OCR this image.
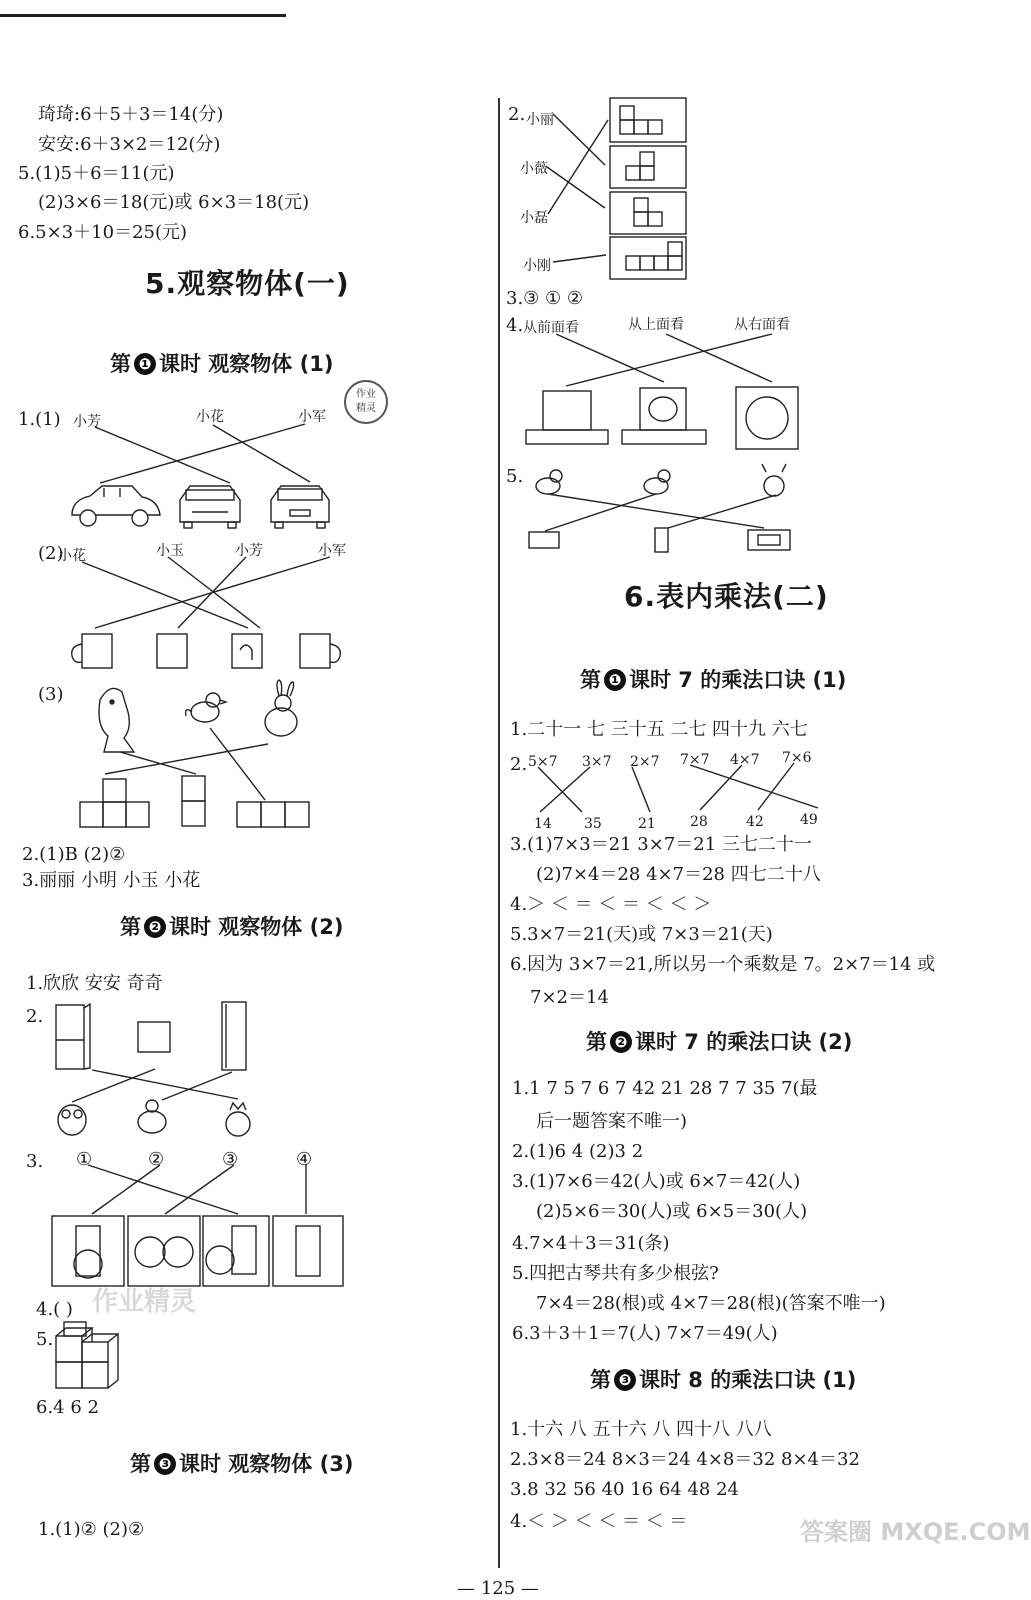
琦琦:6＋5＋3＝14(分)
安安:6＋3×2＝12(分)
5.(1)5＋6＝11(元)
(2)3×6＝18(元)或 6×3＝18(元)
6.5×3＋10＝25(元)
5.观察物体(一)
第 ❶ 课时 观察物体 (1)
作业
精灵
1.(1) 小芳	小花	小军
(2)
小花	小玉	小芳	小军
(3)
2.(1)B (2)②
3.丽丽 小明 小玉 小花
第 ❷ 课时 观察物体 (2)
1.欣欣 安安 奇奇
2.
3. ①	②	③	④
4.( ) 作业精灵
5.
6.4 6 2
第 ❸ 课时 观察物体 (3)
1.(1)② (2)②
2. 小丽
小薇
小磊
小刚
3.③ ① ②
4. 从前面看	从上面看	从右面看
5.
6.表内乘法(二)
第 ❶ 课时 7 的乘法口诀 (1)
1.二十一 七 三十五 二七 四十九 六七
2. 5×7 3×7 2×7 7×7 4×7 7×6
14 35	21 28	42	49
3.(1)7×3＝21 3×7＝21 三七二十一
(2)7×4＝28 4×7＝28 四七二十八
4.＞ ＜ ＝ ＜ ＝ ＜ ＜ ＞
5.3×7＝21(天)或 7×3＝21(天)
6.因为 3×7＝21,所以另一个乘数是 7。2×7＝14 或
7×2＝14
第 ❷ 课时 7 的乘法口诀 (2)
1.1 7 5 7 6 7 42 21 28 7 7 35 7(最
后一题答案不唯一)
2.(1)6 4 (2)3 2
3.(1)7×6＝42(人)或 6×7＝42(人)
(2)5×6＝30(人)或 6×5＝30(人)
4.7×4＋3＝31(条)
5.四把古琴共有多少根弦?
7×4＝28(根)或 4×7＝28(根)(答案不唯一)
6.3＋3＋1＝7(人) 7×7＝49(人)
第 ❸ 课时 8 的乘法口诀 (1)
1.十六 八 五十六 八 四十八 八八
2.3×8＝24 8×3＝24 4×8＝32 8×4＝32
3.8 32 56 40 16 64 48 24
4.＜ ＞ ＜ ＜ ＝ ＜ ＝	答案圈 MXQE.COM
— 125 —
